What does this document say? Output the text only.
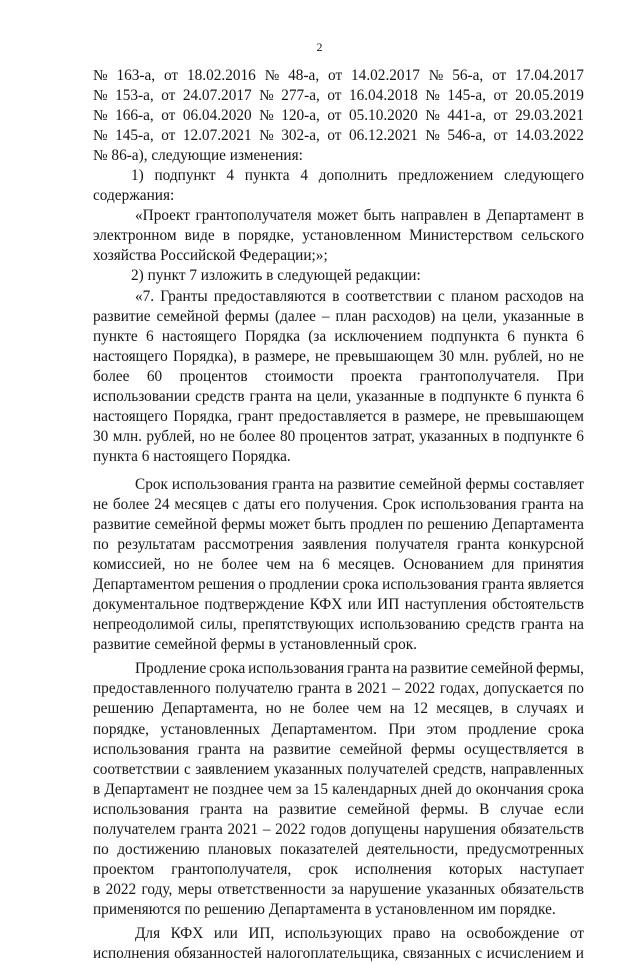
2
№ 163-а, от 18.02.2016 № 48-а, от 14.02.2017 № 56-а, от 17.04.2017
№ 153-а, от 24.07.2017 № 277-а, от 16.04.2018 № 145-а, от 20.05.2019
№ 166-а, от 06.04.2020 № 120-а, от 05.10.2020 № 441-а, от 29.03.2021
№ 145-а, от 12.07.2021 № 302-а, от 06.12.2021 № 546-а, от 14.03.2022
№ 86-а), следующие изменения:
1) подпункт 4 пункта 4 дополнить предложением следующего
содержания:
«Проект грантополучателя может быть направлен в Департамент в
электронном виде в порядке, установленном Министерством сельского
хозяйства Российской Федерации;»;
2) пункт 7 изложить в следующей редакции:
«7. Гранты предоставляются в соответствии с планом расходов на
развитие семейной фермы (далее – план расходов) на цели, указанные в
пункте 6 настоящего Порядка (за исключением подпункта 6 пункта 6
настоящего Порядка), в размере, не превышающем 30 млн. рублей, но не
более 60 процентов стоимости проекта грантополучателя. При
использовании средств гранта на цели, указанные в подпункте 6 пункта 6
настоящего Порядка, грант предоставляется в размере, не превышающем
30 млн. рублей, но не более 80 процентов затрат, указанных в подпункте 6
пункта 6 настоящего Порядка.
Срок использования гранта на развитие семейной фермы составляет
не более 24 месяцев с даты его получения. Срок использования гранта на
развитие семейной фермы может быть продлен по решению Департамента
по результатам рассмотрения заявления получателя гранта конкурсной
комиссией, но не более чем на 6 месяцев. Основанием для принятия
Департаментом решения о продлении срока использования гранта является
документальное подтверждение КФХ или ИП наступления обстоятельств
непреодолимой силы, препятствующих использованию средств гранта на
развитие семейной фермы в установленный срок.
Продление срока использования гранта на развитие семейной фермы,
предоставленного получателю гранта в 2021 – 2022 годах, допускается по
решению Департамента, но не более чем на 12 месяцев, в случаях и
порядке, установленных Департаментом. При этом продление срока
использования гранта на развитие семейной фермы осуществляется в
соответствии с заявлением указанных получателей средств, направленных
в Департамент не позднее чем за 15 календарных дней до окончания срока
использования гранта на развитие семейной фермы. В случае если
получателем гранта 2021 – 2022 годов допущены нарушения обязательств
по достижению плановых показателей деятельности, предусмотренных
проектом грантополучателя, срок исполнения которых наступает
в 2022 году, меры ответственности за нарушение указанных обязательств
применяются по решению Департамента в установленном им порядке.
Для КФХ или ИП, использующих право на освобождение от
исполнения обязанностей налогоплательщика, связанных с исчислением и
